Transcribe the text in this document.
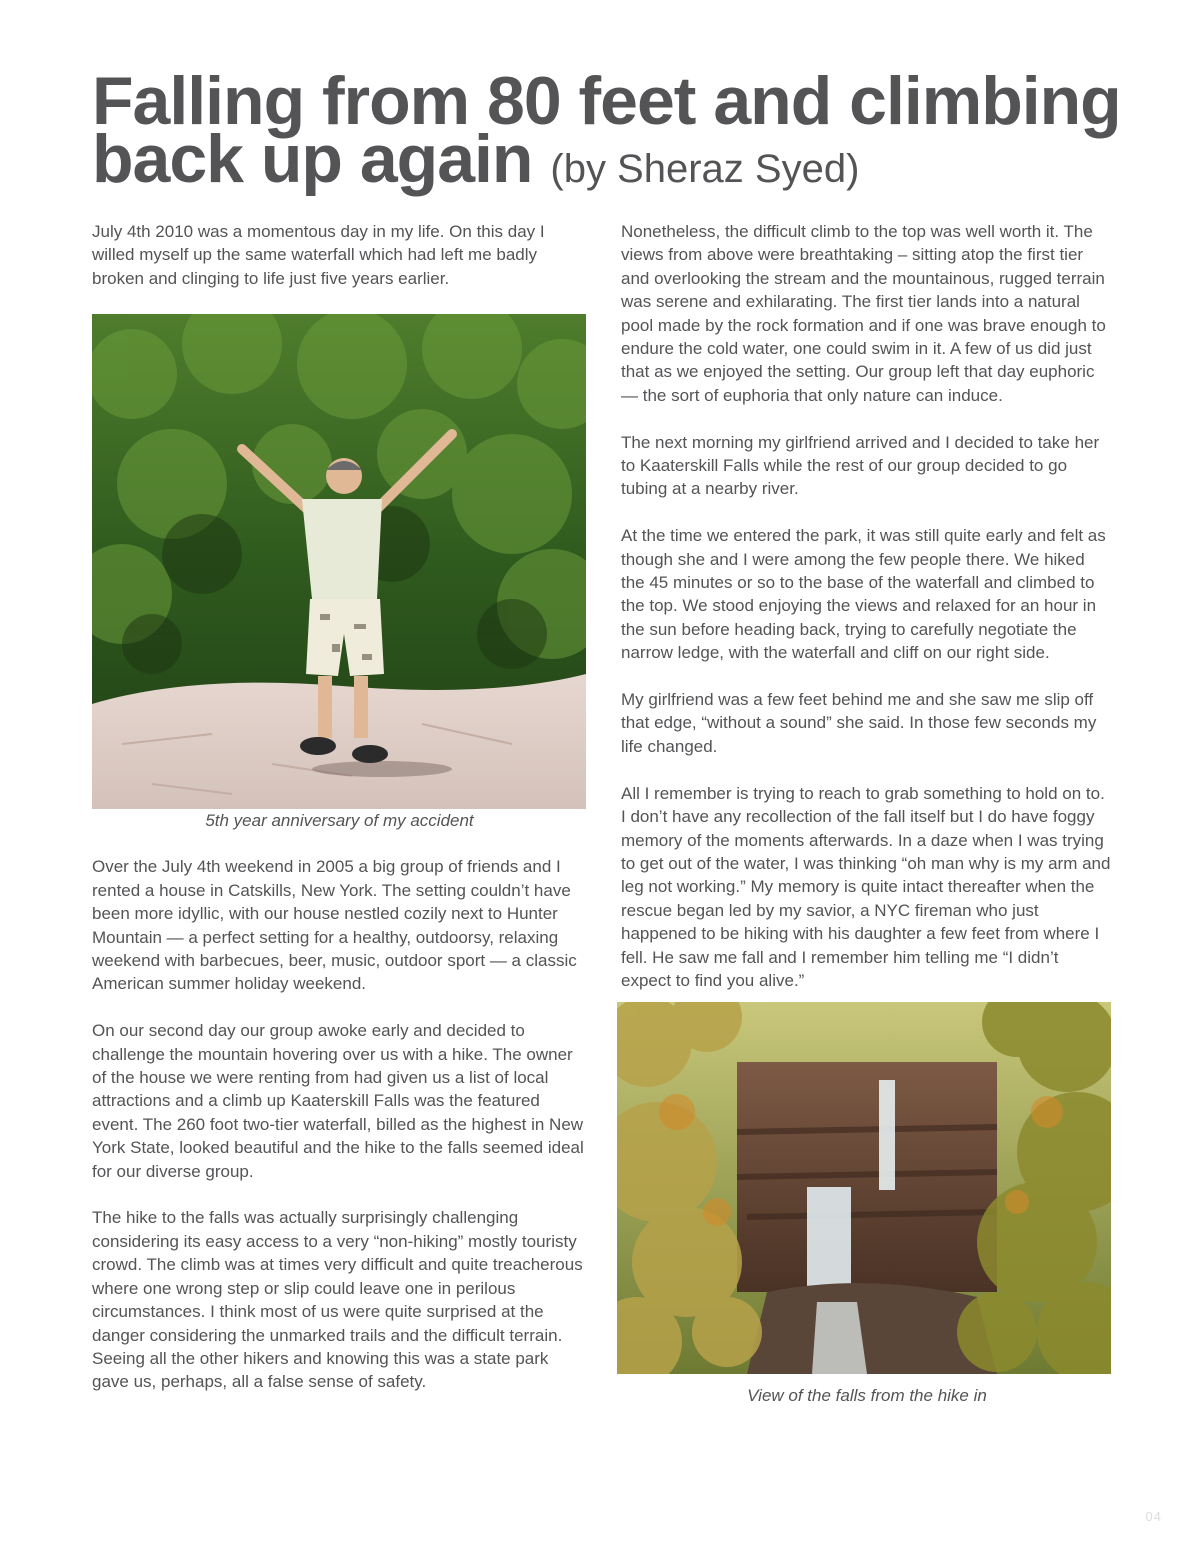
Falling from 80 feet and climbing back up again (by Sheraz Syed)

July 4th 2010 was a momentous day in my life. On this day I willed myself up the same waterfall which had left me badly broken and clinging to life just five years earlier.

5th year anniversary of my accident

Over the July 4th weekend in 2005 a big group of friends and I rented a house in Catskills, New York. The setting couldn’t have been more idyllic, with our house nestled cozily next to Hunter Mountain — a perfect setting for a healthy, outdoorsy, relaxing weekend with barbecues, beer, music, outdoor sport — a classic American summer holiday weekend.

On our second day our group awoke early and decided to challenge the mountain hovering over us with a hike. The owner of the house we were renting from had given us a list of local attractions and a climb up Kaaterskill Falls was the featured event. The 260 foot two-tier waterfall, billed as the highest in New York State, looked beautiful and the hike to the falls seemed ideal for our diverse group.

The hike to the falls was actually surprisingly challenging considering its easy access to a very “non-hiking” mostly touristy crowd. The climb was at times very difficult and quite treacherous where one wrong step or slip could leave one in perilous circumstances. I think most of us were quite surprised at the danger considering the unmarked trails and the difficult terrain. Seeing all the other hikers and knowing this was a state park gave us, perhaps, all a false sense of safety.

Nonetheless, the difficult climb to the top was well worth it. The views from above were breathtaking – sitting atop the first tier and overlooking the stream and the mountainous, rugged terrain was serene and exhilarating. The first tier lands into a natural pool made by the rock formation and if one was brave enough to endure the cold water, one could swim in it. A few of us did just that as we enjoyed the setting. Our group left that day euphoric — the sort of euphoria that only nature can induce.

The next morning my girlfriend arrived and I decided to take her to Kaaterskill Falls while the rest of our group decided to go tubing at a nearby river.

At the time we entered the park, it was still quite early and felt as though she and I were among the few people there. We hiked the 45 minutes or so to the base of the waterfall and climbed to the top. We stood enjoying the views and relaxed for an hour in the sun before heading back, trying to carefully negotiate the narrow ledge, with the waterfall and cliff on our right side.

My girlfriend was a few feet behind me and she saw me slip off that edge, “without a sound” she said. In those few seconds my life changed.

All I remember is trying to reach to grab something to hold on to. I don’t have any recollection of the fall itself but I do have foggy memory of the moments afterwards. In a daze when I was trying to get out of the water, I was thinking “oh man why is my arm and leg not working.” My memory is quite intact thereafter when the rescue began led by my savior, a NYC fireman who just happened to be hiking with his daughter a few feet from where I fell. He saw me fall and I remember him telling me “I didn’t expect to find you alive.”

View of the falls from the hike in

04
